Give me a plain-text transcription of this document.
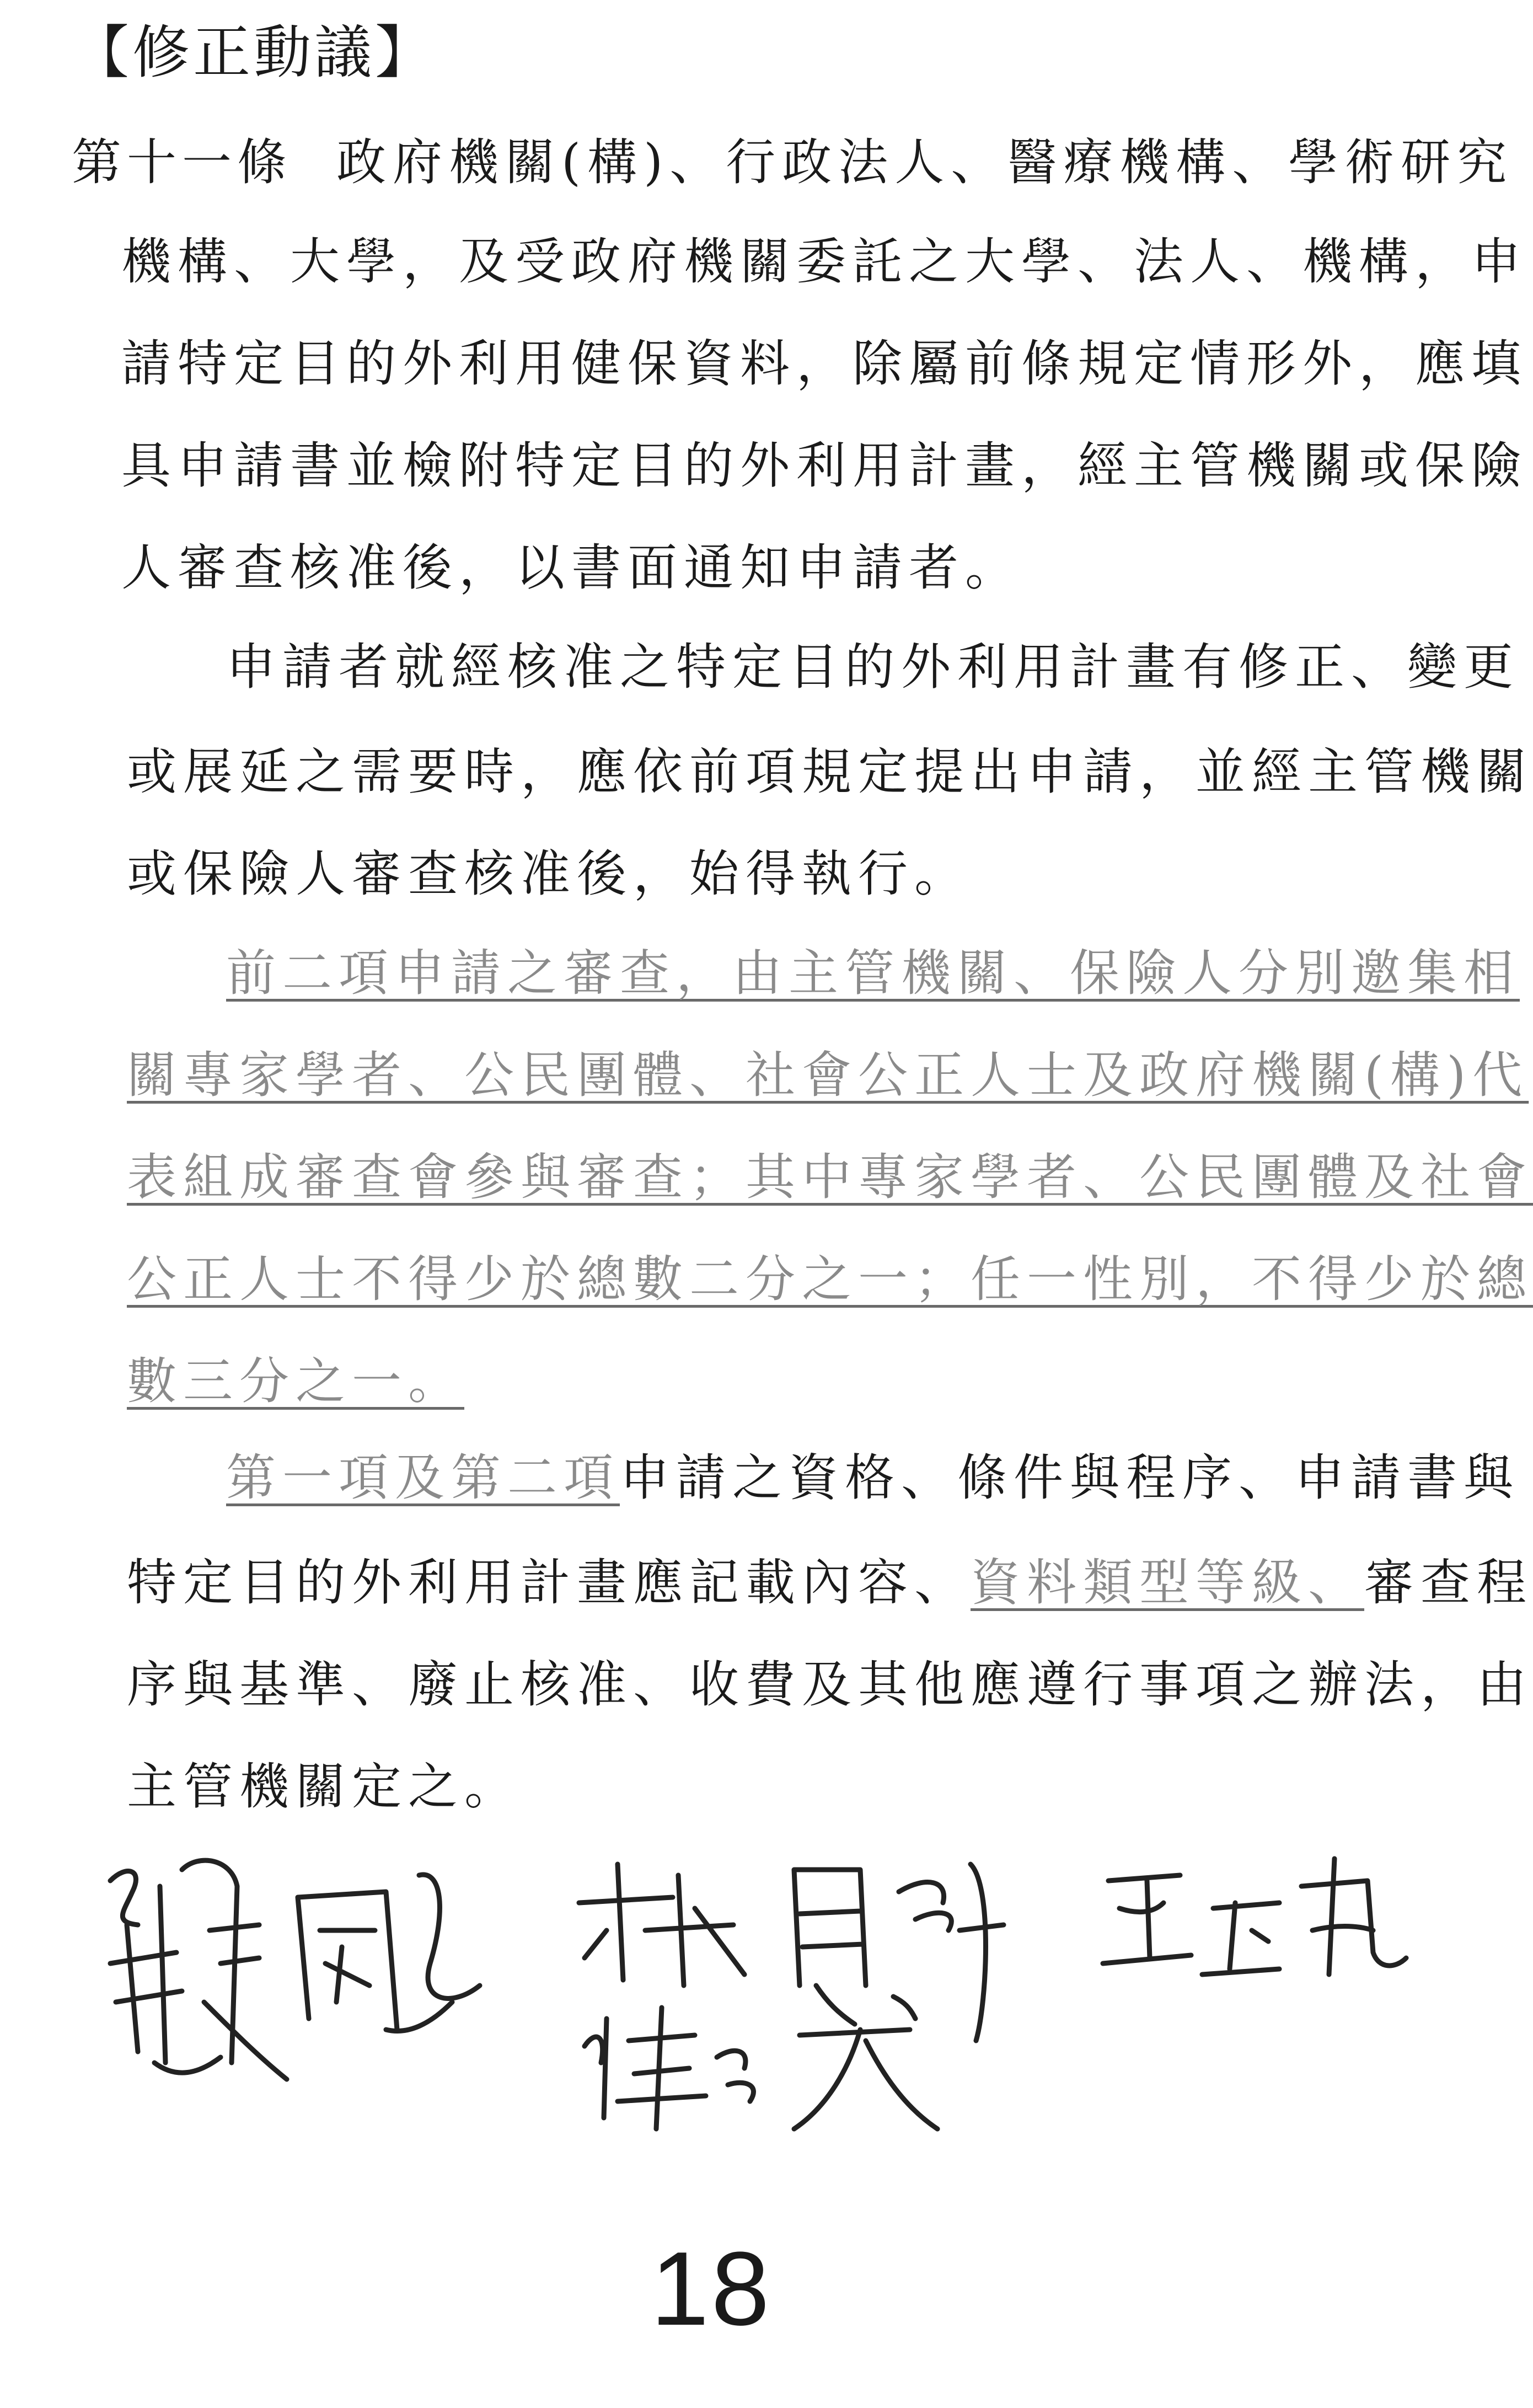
【修正動議】
第十一條 政府機關(構)、行政法人、醫療機構、學術研究
機構、大學，及受政府機關委託之大學、法人、機構，申
請特定目的外利用健保資料，除屬前條規定情形外，應填
具申請書並檢附特定目的外利用計畫，經主管機關或保險
人審查核准後，以書面通知申請者。
申請者就經核准之特定目的外利用計畫有修正、變更
或展延之需要時，應依前項規定提出申請，並經主管機關
或保險人審查核准後，始得執行。
前二項申請之審查，由主管機關、保險人分別邀集相
關專家學者、公民團體、社會公正人士及政府機關(構)代
表組成審查會參與審查；其中專家學者、公民團體及社會
公正人士不得少於總數二分之一；任一性別，不得少於總
數三分之一。
第一項及第二項申請之資格、條件與程序、申請書與
特定目的外利用計畫應記載內容、資料類型等級、審查程
序與基準、廢止核准、收費及其他應遵行事項之辦法，由
主管機關定之。
18
